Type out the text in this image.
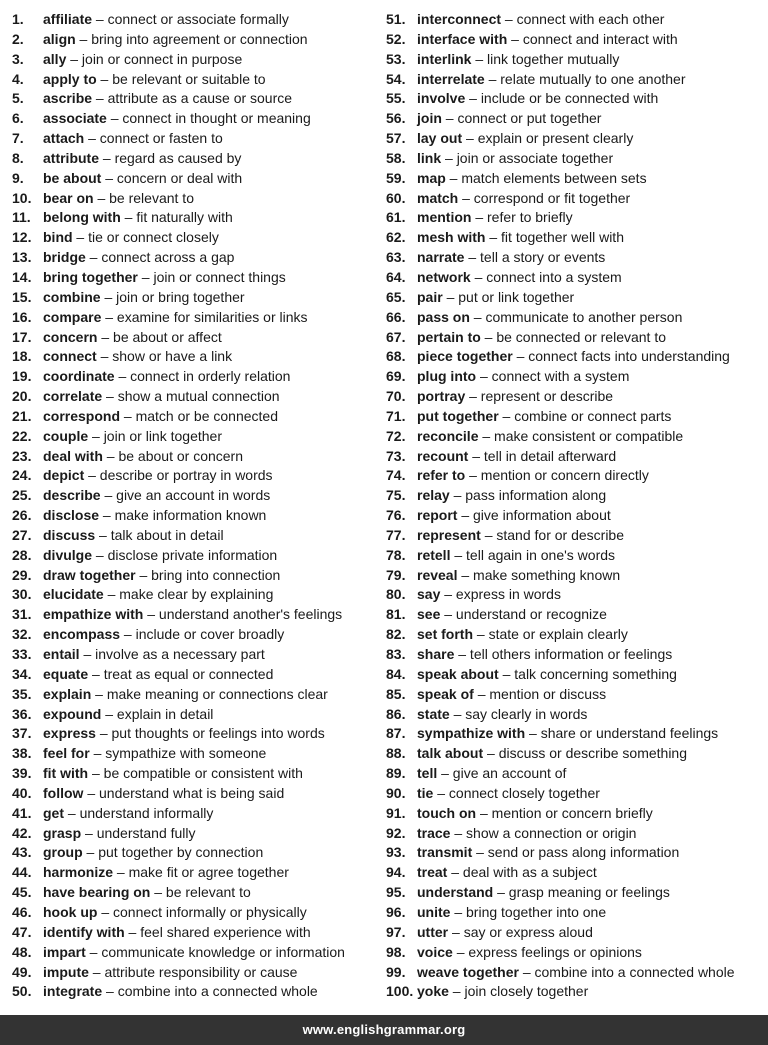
1. affiliate – connect or associate formally
2. align – bring into agreement or connection
3. ally – join or connect in purpose
4. apply to – be relevant or suitable to
5. ascribe – attribute as a cause or source
6. associate – connect in thought or meaning
7. attach – connect or fasten to
8. attribute – regard as caused by
9. be about – concern or deal with
10. bear on – be relevant to
11. belong with – fit naturally with
12. bind – tie or connect closely
13. bridge – connect across a gap
14. bring together – join or connect things
15. combine – join or bring together
16. compare – examine for similarities or links
17. concern – be about or affect
18. connect – show or have a link
19. coordinate – connect in orderly relation
20. correlate – show a mutual connection
21. correspond – match or be connected
22. couple – join or link together
23. deal with – be about or concern
24. depict – describe or portray in words
25. describe – give an account in words
26. disclose – make information known
27. discuss – talk about in detail
28. divulge – disclose private information
29. draw together – bring into connection
30. elucidate – make clear by explaining
31. empathize with – understand another's feelings
32. encompass – include or cover broadly
33. entail – involve as a necessary part
34. equate – treat as equal or connected
35. explain – make meaning or connections clear
36. expound – explain in detail
37. express – put thoughts or feelings into words
38. feel for – sympathize with someone
39. fit with – be compatible or consistent with
40. follow – understand what is being said
41. get – understand informally
42. grasp – understand fully
43. group – put together by connection
44. harmonize – make fit or agree together
45. have bearing on – be relevant to
46. hook up – connect informally or physically
47. identify with – feel shared experience with
48. impart – communicate knowledge or information
49. impute – attribute responsibility or cause
50. integrate – combine into a connected whole
51. interconnect – connect with each other
52. interface with – connect and interact with
53. interlink – link together mutually
54. interrelate – relate mutually to one another
55. involve – include or be connected with
56. join – connect or put together
57. lay out – explain or present clearly
58. link – join or associate together
59. map – match elements between sets
60. match – correspond or fit together
61. mention – refer to briefly
62. mesh with – fit together well with
63. narrate – tell a story or events
64. network – connect into a system
65. pair – put or link together
66. pass on – communicate to another person
67. pertain to – be connected or relevant to
68. piece together – connect facts into understanding
69. plug into – connect with a system
70. portray – represent or describe
71. put together – combine or connect parts
72. reconcile – make consistent or compatible
73. recount – tell in detail afterward
74. refer to – mention or concern directly
75. relay – pass information along
76. report – give information about
77. represent – stand for or describe
78. retell – tell again in one's words
79. reveal – make something known
80. say – express in words
81. see – understand or recognize
82. set forth – state or explain clearly
83. share – tell others information or feelings
84. speak about – talk concerning something
85. speak of – mention or discuss
86. state – say clearly in words
87. sympathize with – share or understand feelings
88. talk about – discuss or describe something
89. tell – give an account of
90. tie – connect closely together
91. touch on – mention or concern briefly
92. trace – show a connection or origin
93. transmit – send or pass along information
94. treat – deal with as a subject
95. understand – grasp meaning or feelings
96. unite – bring together into one
97. utter – say or express aloud
98. voice – express feelings or opinions
99. weave together – combine into a connected whole
100. yoke – join closely together
www.englishgrammar.org
